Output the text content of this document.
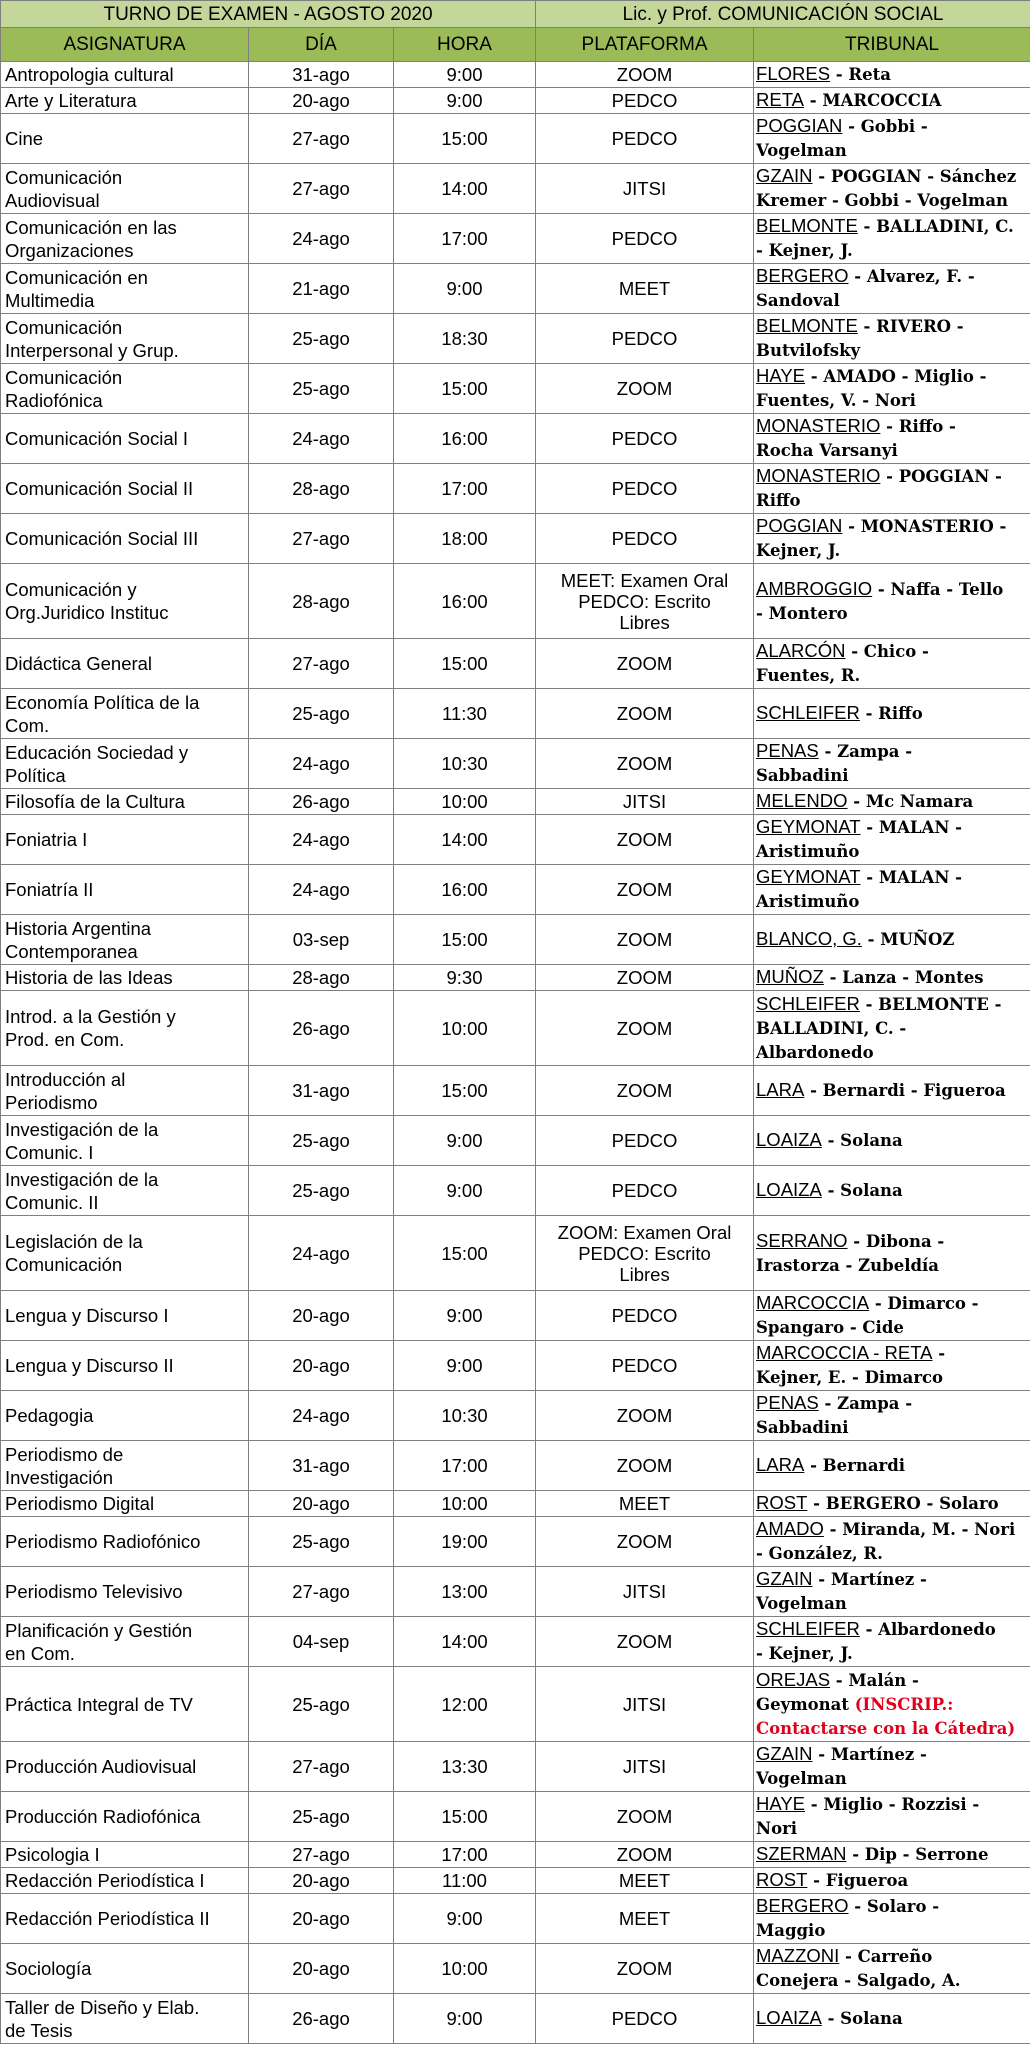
TURNO DE EXAMEN - AGOSTO 2020			Lic. y Prof. COMUNICACIÓN SOCIAL	
ASIGNATURA	DÍA	HORA	PLATAFORMA	TRIBUNAL
Antropologia cultural	31-ago	9:00	ZOOM	FLORES - Reta
Arte y Literatura	20-ago	9:00	PEDCO	RETA - MARCOCCIA
Cine	27-ago	15:00	PEDCO	POGGIAN - Gobbi -
Vogelman
Comunicación
Audiovisual	27-ago	14:00	JITSI	GZAIN - POGGIAN - Sánchez
Kremer - Gobbi - Vogelman
Comunicación en las
Organizaciones	24-ago	17:00	PEDCO	BELMONTE - BALLADINI, C.
- Kejner, J.
Comunicación en
Multimedia	21-ago	9:00	MEET	BERGERO - Alvarez, F. -
Sandoval
Comunicación
Interpersonal y Grup.	25-ago	18:30	PEDCO	BELMONTE - RIVERO -
Butvilofsky
Comunicación
Radiofónica	25-ago	15:00	ZOOM	HAYE - AMADO - Miglio -
Fuentes, V. - Nori
Comunicación Social I	24-ago	16:00	PEDCO	MONASTERIO - Riffo -
Rocha Varsanyi
Comunicación Social II	28-ago	17:00	PEDCO	MONASTERIO - POGGIAN -
Riffo
Comunicación Social III	27-ago	18:00	PEDCO	POGGIAN - MONASTERIO -
Kejner, J.
Comunicación y
Org.Juridico Instituc	28-ago	16:00	MEET: Examen Oral
PEDCO: Escrito
Libres	AMBROGGIO - Naffa - Tello
- Montero
Didáctica General	27-ago	15:00	ZOOM	ALARCÓN - Chico -
Fuentes, R.
Economía Política de la
Com.	25-ago	11:30	ZOOM	SCHLEIFER - Riffo
Educación Sociedad y
Política	24-ago	10:30	ZOOM	PENAS - Zampa -
Sabbadini
Filosofía de la Cultura	26-ago	10:00	JITSI	MELENDO - Mc Namara
Foniatria I	24-ago	14:00	ZOOM	GEYMONAT - MALAN -
Aristimuño
Foniatría II	24-ago	16:00	ZOOM	GEYMONAT - MALAN -
Aristimuño
Historia Argentina
Contemporanea	03-sep	15:00	ZOOM	BLANCO, G. - MUÑOZ
Historia de las Ideas	28-ago	9:30	ZOOM	MUÑOZ - Lanza - Montes
Introd. a la Gestión y
Prod. en Com.	26-ago	10:00	ZOOM	SCHLEIFER - BELMONTE -
BALLADINI, C. -
Albardonedo
Introducción al
Periodismo	31-ago	15:00	ZOOM	LARA - Bernardi - Figueroa
Investigación de la
Comunic. I	25-ago	9:00	PEDCO	LOAIZA - Solana
Investigación de la
Comunic. II	25-ago	9:00	PEDCO	LOAIZA - Solana
Legislación de la
Comunicación	24-ago	15:00	ZOOM: Examen Oral
PEDCO: Escrito
Libres	SERRANO - Dibona -
Irastorza - Zubeldía
Lengua y Discurso I	20-ago	9:00	PEDCO	MARCOCCIA - Dimarco -
Spangaro - Cide
Lengua y Discurso II	20-ago	9:00	PEDCO	MARCOCCIA - RETA -
Kejner, E. - Dimarco
Pedagogia	24-ago	10:30	ZOOM	PENAS - Zampa -
Sabbadini
Periodismo de
Investigación	31-ago	17:00	ZOOM	LARA - Bernardi
Periodismo Digital	20-ago	10:00	MEET	ROST - BERGERO - Solaro
Periodismo Radiofónico	25-ago	19:00	ZOOM	AMADO - Miranda, M. - Nori
- González, R.
Periodismo Televisivo	27-ago	13:00	JITSI	GZAIN - Martínez -
Vogelman
Planificación y Gestión
en Com.	04-sep	14:00	ZOOM	SCHLEIFER - Albardonedo
- Kejner, J.
Práctica Integral de TV	25-ago	12:00	JITSI	OREJAS - Malán -
Geymonat (INSCRIP.:
Contactarse con la Cátedra)
Producción Audiovisual	27-ago	13:30	JITSI	GZAIN - Martínez -
Vogelman
Producción Radiofónica	25-ago	15:00	ZOOM	HAYE - Miglio - Rozzisi -
Nori
Psicologia I	27-ago	17:00	ZOOM	SZERMAN - Dip - Serrone
Redacción Periodística I	20-ago	11:00	MEET	ROST - Figueroa
Redacción Periodística II	20-ago	9:00	MEET	BERGERO - Solaro -
Maggio
Sociología	20-ago	10:00	ZOOM	MAZZONI - Carreño
Conejera - Salgado, A.
Taller de Diseño y Elab.
de Tesis	26-ago	9:00	PEDCO	LOAIZA - Solana
